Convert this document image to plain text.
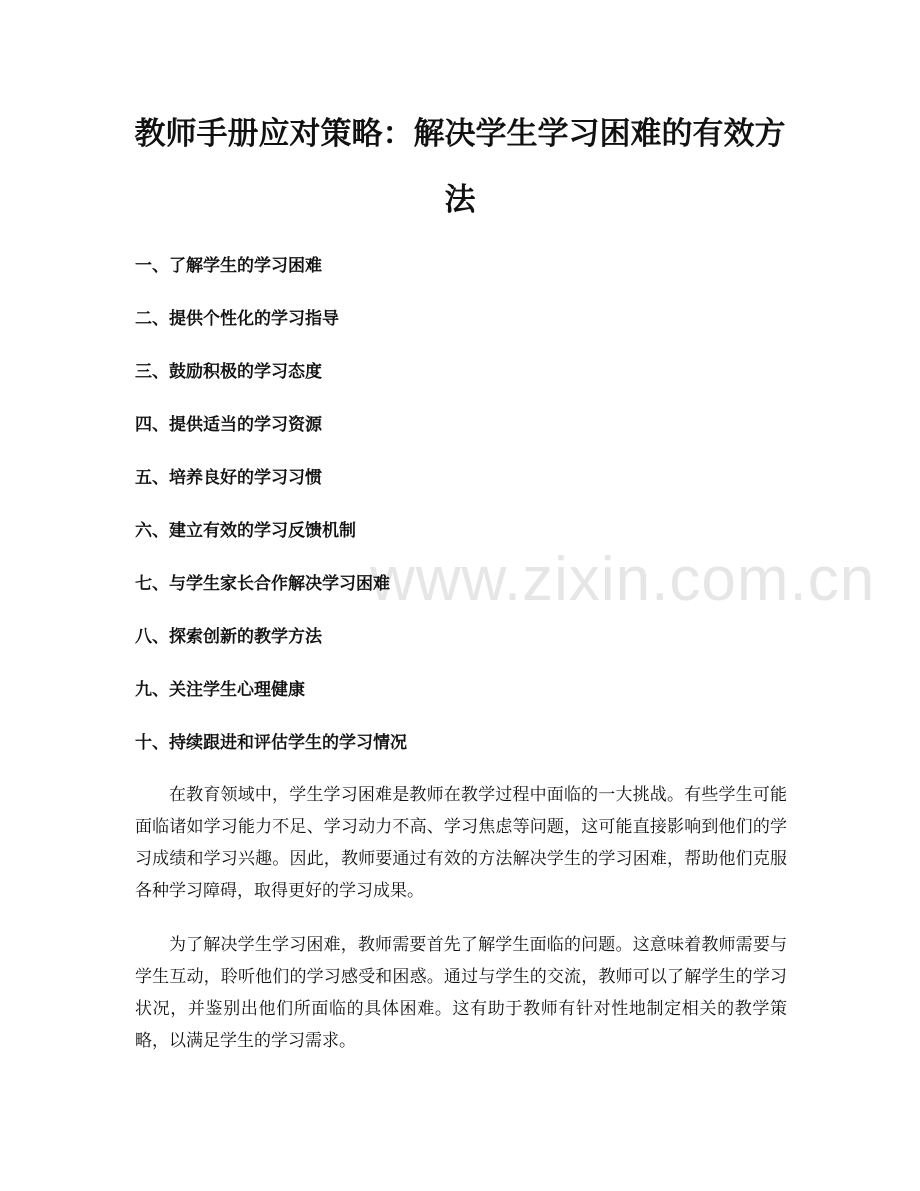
www.zixin.com.cn
教师手册应对策略：解决学生学习困难的有效方法
一、了解学生的学习困难
二、提供个性化的学习指导
三、鼓励积极的学习态度
四、提供适当的学习资源
五、培养良好的学习习惯
六、建立有效的学习反馈机制
七、与学生家长合作解决学习困难
八、探索创新的教学方法
九、关注学生心理健康
十、持续跟进和评估学生的学习情况

在教育领域中，学生学习困难是教师在教学过程中面临的一大挑战。有些学生可能面临诸如学习能力不足、学习动力不高、学习焦虑等问题，这可能直接影响到他们的学习成绩和学习兴趣。因此，教师要通过有效的方法解决学生的学习困难，帮助他们克服各种学习障碍，取得更好的学习成果。

为了解决学生学习困难，教师需要首先了解学生面临的问题。这意味着教师需要与学生互动，聆听他们的学习感受和困惑。通过与学生的交流，教师可以了解学生的学习状况，并鉴别出他们所面临的具体困难。这有助于教师有针对性地制定相关的教学策略，以满足学生的学习需求。
